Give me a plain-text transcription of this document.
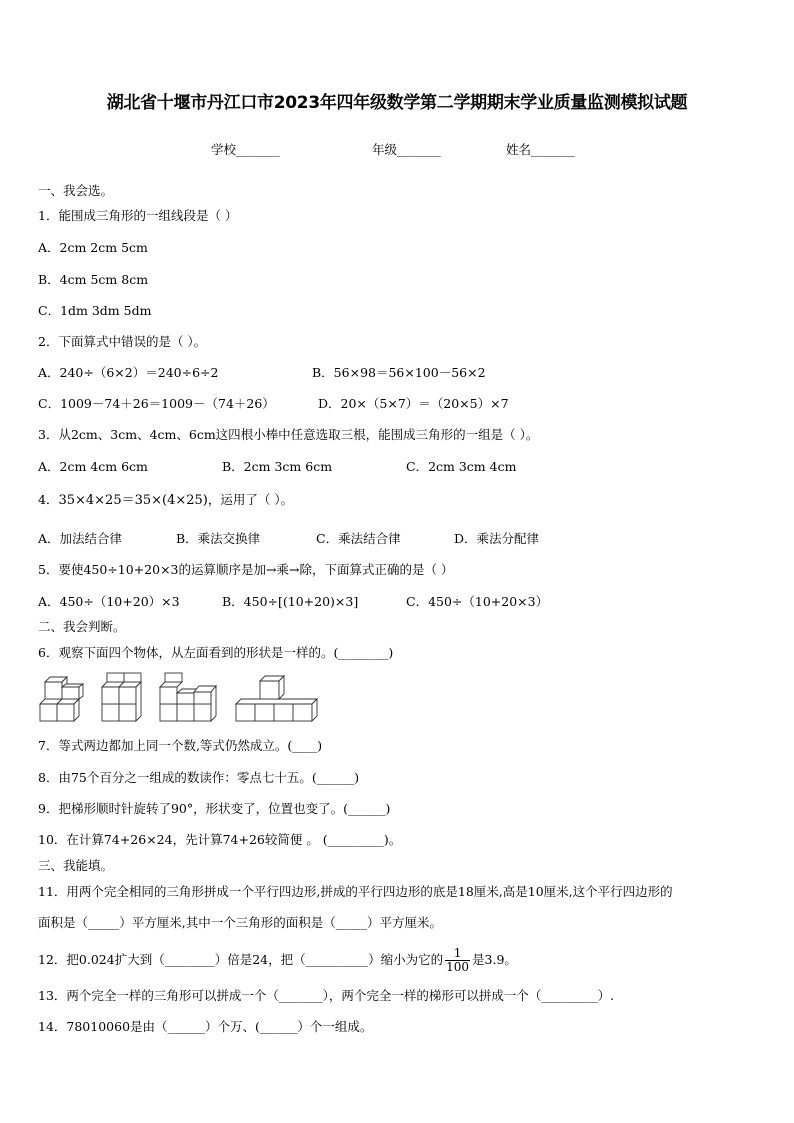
湖北省十堰市丹江口市2023年四年级数学第二学期期末学业质量监测模拟试题
学校_______	年级_______	姓名_______
一、我会选。
1．能围成三角形的一组线段是（ ）
A．2cm 2cm 5cm
B．4cm 5cm 8cm
C．1dm 3dm 5dm
2．下面算式中错误的是（ ）。
A．240÷（6×2）＝240÷6÷2	B．56×98＝56×100－56×2
C．1009－74＋26＝1009－（74＋26）	D．20×（5×7）＝（20×5）×7
3．从2cm、3cm、4cm、6cm这四根小棒中任意选取三根，能围成三角形的一组是（ ）。
A．2cm 4cm 6cm	B．2cm 3cm 6cm	C．2cm 3cm 4cm
4．35×4×25＝35×(4×25)，运用了（ ）。
A．加法结合律	B．乘法交换律	C．乘法结合律	D．乘法分配律
5．要使450÷10+20×3的运算顺序是加→乘→除，下面算式正确的是（ ）
A．450÷（10+20）×3	B．450÷[(10+20)×3]	C．450÷（10+20×3）
二、我会判断。
6．观察下面四个物体，从左面看到的形状是一样的。(________)
7．等式两边都加上同一个数,等式仍然成立。(____)
8．由75个百分之一组成的数读作：零点七十五。(______)
9．把梯形顺时针旋转了90°，形状变了，位置也变了。(______)
10．在计算74+26×24，先计算74+26较简便 。 (_________)。
三、我能填。
11．用两个完全相同的三角形拼成一个平行四边形,拼成的平行四边形的底是18厘米,高是10厘米,这个平行四边形的
面积是（_____）平方厘米,其中一个三角形的面积是（_____）平方厘米。
12．把0.024扩大到（________）倍是24，把（__________）缩小为它的 $\frac{1}{100}$ 是3.9。
13．两个完全一样的三角形可以拼成一个（_______），两个完全一样的梯形可以拼成一个（_________）.
14．78010060是由（______）个万、(______）个一组成。
